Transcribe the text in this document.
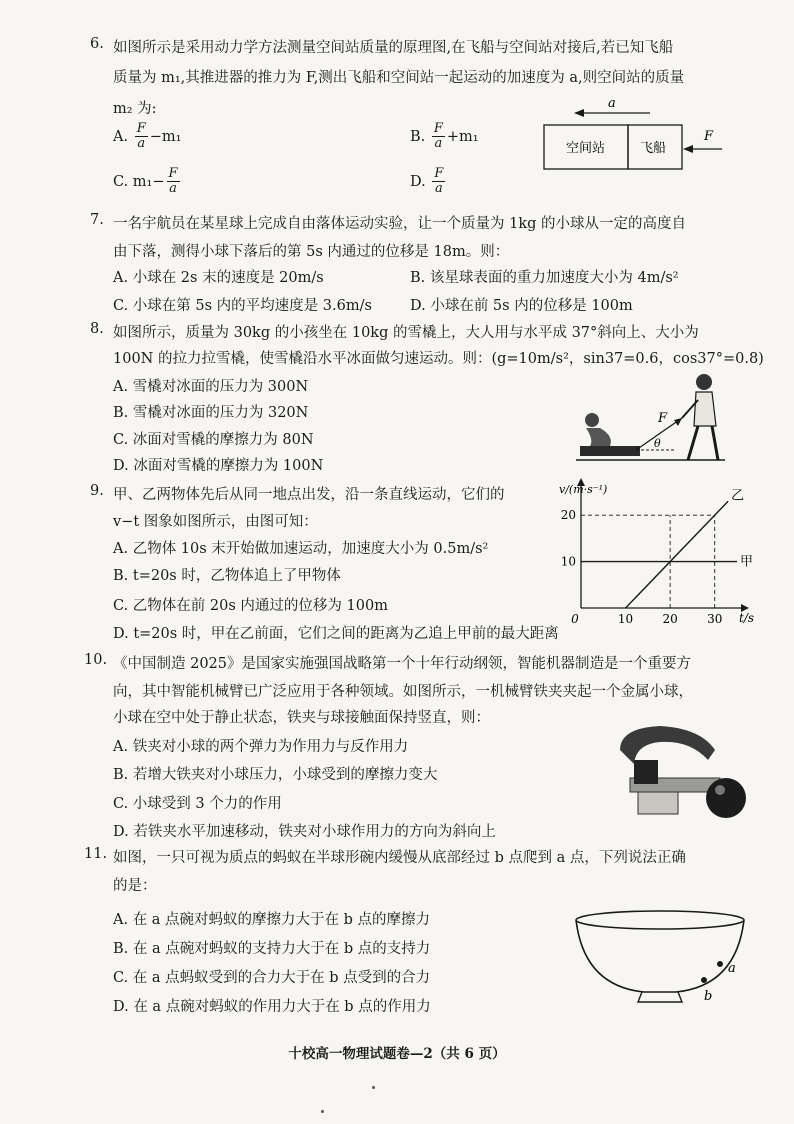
6. 如图所示是采用动力学方法测量空间站质量的原理图,在飞船与空间站对接后,若已知飞船
质量为 m₁,其推进器的推力为 F,测出飞船和空间站一起运动的加速度为 a,则空间站的质量
m₂ 为:
A. $\frac{F}{a} -m_1$	B. $\frac{F}{a} +m_1$
C. $m_1- \frac{F}{a}$	D. $\frac{F}{a}$
a
空间站	飞船
F
7. 一名宇航员在某星球上完成自由落体运动实验，让一个质量为 1kg 的小球从一定的高度自
由下落，测得小球下落后的第 5s 内通过的位移是 18m。则：
A. 小球在 2s 末的速度是 20m/s	B. 该星球表面的重力加速度大小为 4m/s²
C. 小球在第 5s 内的平均速度是 3.6m/s	D. 小球在前 5s 内的位移是 100m
8. 如图所示，质量为 30kg 的小孩坐在 10kg 的雪橇上，大人用与水平成 37°斜向上、大小为
100N 的拉力拉雪橇，使雪橇沿水平冰面做匀速运动。则：(g=10m/s²，sin37=0.6，cos37°=0.8)
A. 雪橇对冰面的压力为 300N
B. 雪橇对冰面的压力为 320N
C. 冰面对雪橇的摩擦力为 80N
D. 冰面对雪橇的摩擦力为 100N
F
θ
9. 甲、乙两物体先后从同一地点出发，沿一条直线运动，它们的
v−t 图象如图所示，由图可知：
A. 乙物体 10s 末开始做加速运动，加速度大小为 0.5m/s²
B. t=20s 时，乙物体追上了甲物体
C. 乙物体在前 20s 内通过的位移为 100m
D. t=20s 时，甲在乙前面，它们之间的距离为乙追上甲前的最大距离
v/(m·s⁻¹)
t/s
0	10 20 30
10
20
甲
乙
10. 《中国制造 2025》是国家实施强国战略第一个十年行动纲领，智能机器制造是一个重要方
向，其中智能机械臂已广泛应用于各种领域。如图所示，一机械臂铁夹夹起一个金属小球，
小球在空中处于静止状态，铁夹与球接触面保持竖直，则：
A. 铁夹对小球的两个弹力为作用力与反作用力
B. 若增大铁夹对小球压力，小球受到的摩擦力变大
C. 小球受到 3 个力的作用
D. 若铁夹水平加速移动，铁夹对小球作用力的方向为斜向上
11. 如图，一只可视为质点的蚂蚁在半球形碗内缓慢从底部经过 b 点爬到 a 点，下列说法正确
的是：
A. 在 a 点碗对蚂蚁的摩擦力大于在 b 点的摩擦力
B. 在 a 点碗对蚂蚁的支持力大于在 b 点的支持力
C. 在 a 点蚂蚁受到的合力大于在 b 点受到的合力
D. 在 a 点碗对蚂蚁的作用力大于在 b 点的作用力
a
b
十校高一物理试题卷—2（共 6 页）
